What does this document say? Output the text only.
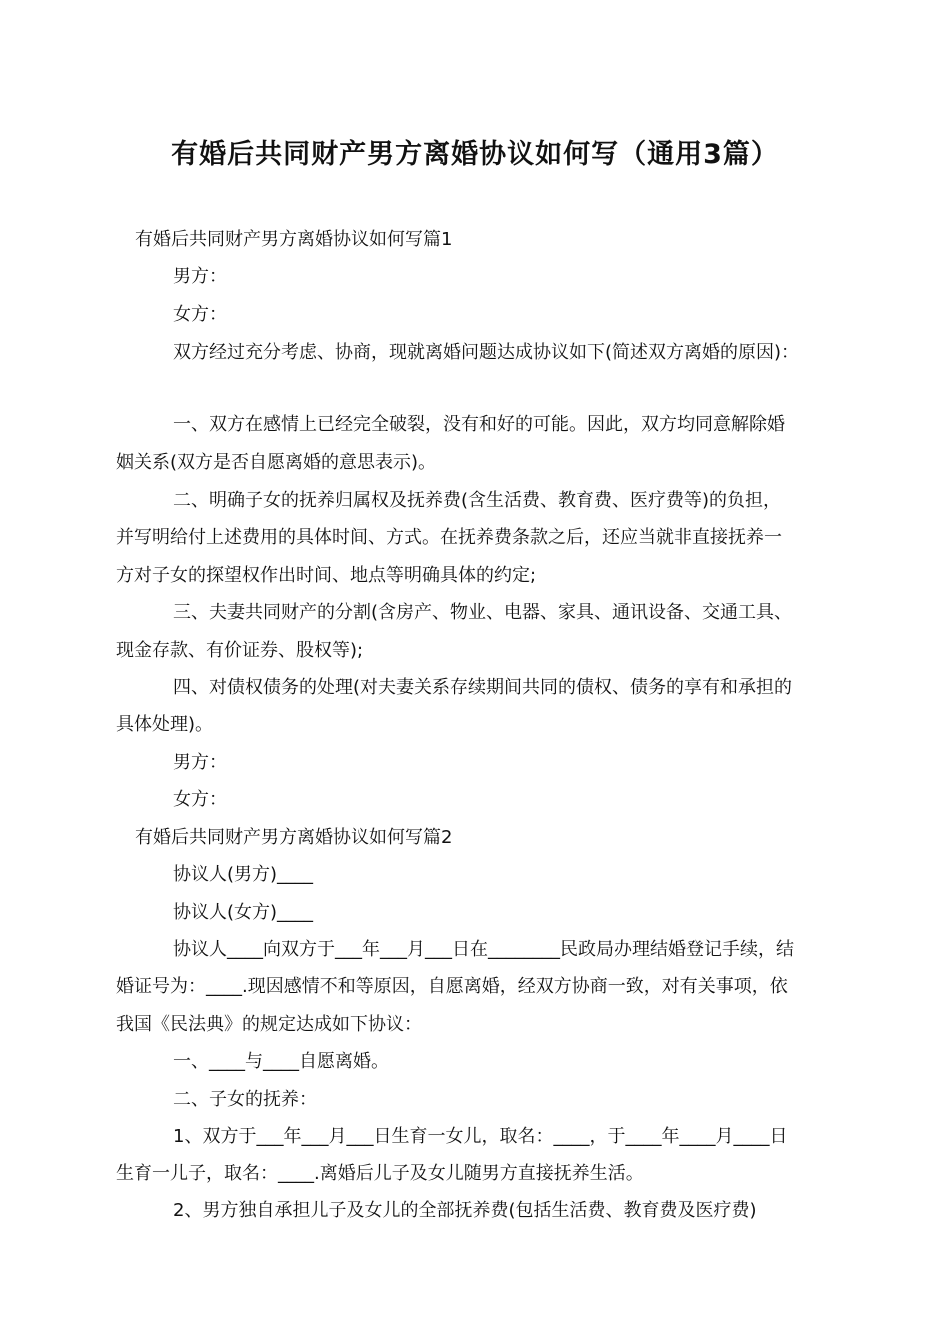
有婚后共同财产男方离婚协议如何写（通用3篇）
有婚后共同财产男方离婚协议如何写篇1
男方：
女方：
双方经过充分考虑、协商，现就离婚问题达成协议如下(简述双方离婚的原因)：
一、双方在感情上已经完全破裂，没有和好的可能。因此，双方均同意解除婚
姻关系(双方是否自愿离婚的意思表示)。
二、明确子女的抚养归属权及抚养费(含生活费、教育费、医疗费等)的负担，
并写明给付上述费用的具体时间、方式。在抚养费条款之后，还应当就非直接抚养一
方对子女的探望权作出时间、地点等明确具体的约定;
三、夫妻共同财产的分割(含房产、物业、电器、家具、通讯设备、交通工具、
现金存款、有价证券、股权等);
四、对债权债务的处理(对夫妻关系存续期间共同的债权、债务的享有和承担的
具体处理)。
男方：
女方：
有婚后共同财产男方离婚协议如何写篇2
协议人(男方)____
协议人(女方)____
协议人____向双方于___年___月___日在________民政局办理结婚登记手续，结
婚证号为：____.现因感情不和等原因，自愿离婚，经双方协商一致，对有关事项，依
我国《民法典》的规定达成如下协议：
一、____与____自愿离婚。
二、子女的抚养：
1、双方于___年___月___日生育一女儿，取名：____，于____年____月____日
生育一儿子，取名：____.离婚后儿子及女儿随男方直接抚养生活。
2、男方独自承担儿子及女儿的全部抚养费(包括生活费、教育费及医疗费)
